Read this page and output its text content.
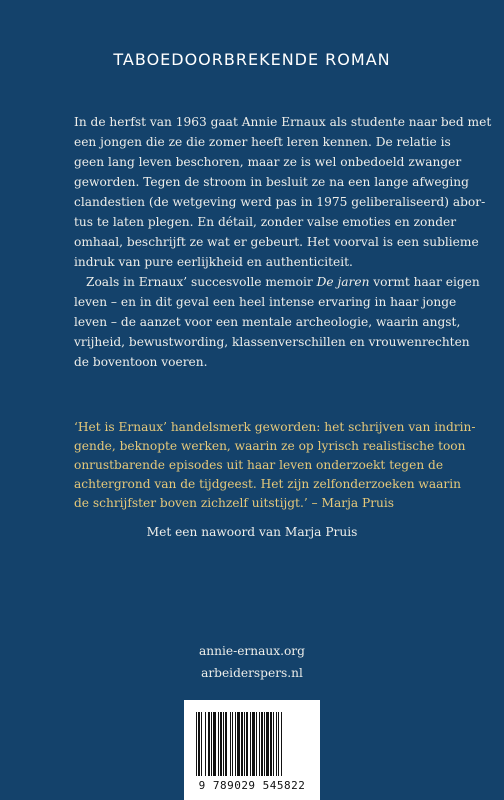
TABOEDOORBREKENDE ROMAN

In de herfst van 1963 gaat Annie Ernaux als studente naar bed met
een jongen die ze die zomer heeft leren kennen. De relatie is
geen lang leven beschoren, maar ze is wel onbedoeld zwanger
geworden. Tegen de stroom in besluit ze na een lange afweging
clandestien (de wetgeving werd pas in 1975 geliberaliseerd) abor-
tus te laten plegen. En détail, zonder valse emoties en zonder
omhaal, beschrijft ze wat er gebeurt. Het voorval is een sublieme
indruk van pure eerlijkheid en authenticiteit.

Zoals in Ernaux’ succesvolle memoir De jaren vormt haar eigen
leven – en in dit geval een heel intense ervaring in haar jonge
leven – de aanzet voor een mentale archeologie, waarin angst,
vrijheid, bewustwording, klassenverschillen en vrouwenrechten
de boventoon voeren.

‘Het is Ernaux’ handelsmerk geworden: het schrijven van indrin-
gende, beknopte werken, waarin ze op lyrisch realistische toon
onrustbarende episodes uit haar leven onderzoekt tegen de
achtergrond van de tijdgeest. Het zijn zelfonderzoeken waarin
de schrijfster boven zichzelf uitstijgt.’ – Marja Pruis
Met een nawoord van Marja Pruis
annie-ernaux.org
arbeiderspers.nl
9 789029 545822
